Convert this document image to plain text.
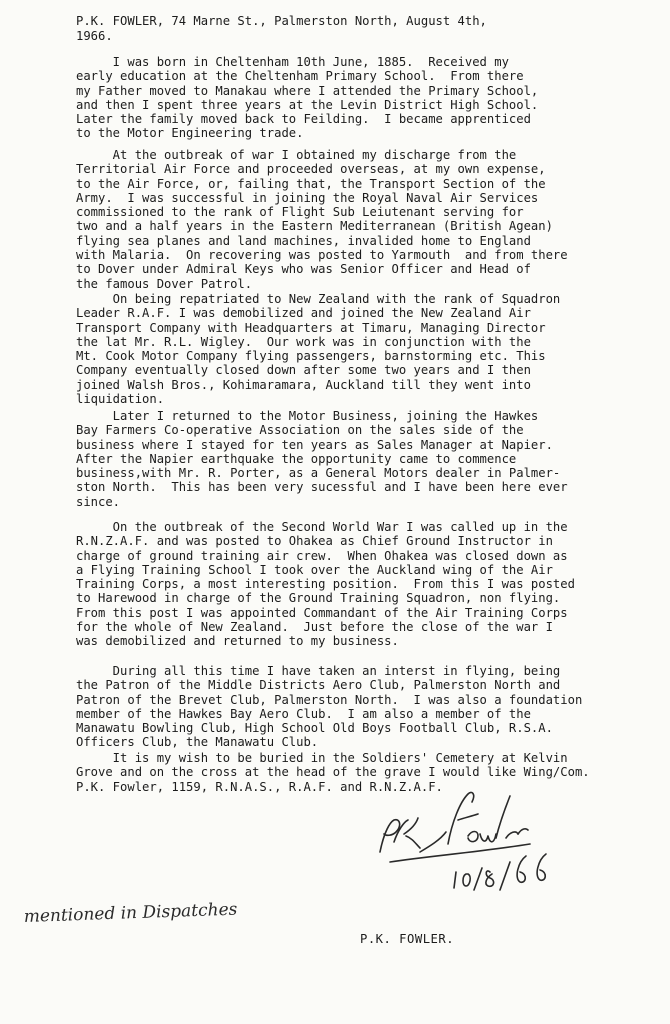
P.K. FOWLER, 74 Marne St., Palmerston North, August 4th,
1966.
I was born in Cheltenham 10th June, 1885.  Received my
early education at the Cheltenham Primary School.  From there
my Father moved to Manakau where I attended the Primary School,
and then I spent three years at the Levin District High School.
Later the family moved back to Feilding.  I became apprenticed
to the Motor Engineering trade.
At the outbreak of war I obtained my discharge from the
Territorial Air Force and proceeded overseas, at my own expense,
to the Air Force, or, failing that, the Transport Section of the
Army.  I was successful in joining the Royal Naval Air Services
commissioned to the rank of Flight Sub Leiutenant serving for
two and a half years in the Eastern Mediterranean (British Agean)
flying sea planes and land machines, invalided home to England
with Malaria.  On recovering was posted to Yarmouth  and from there
to Dover under Admiral Keys who was Senior Officer and Head of
the famous Dover Patrol.
On being repatriated to New Zealand with the rank of Squadron
Leader R.A.F. I was demobilized and joined the New Zealand Air
Transport Company with Headquarters at Timaru, Managing Director
the lat Mr. R.L. Wigley.  Our work was in conjunction with the
Mt. Cook Motor Company flying passengers, barnstorming etc. This
Company eventually closed down after some two years and I then
joined Walsh Bros., Kohimaramara, Auckland till they went into
liquidation.
Later I returned to the Motor Business, joining the Hawkes
Bay Farmers Co-operative Association on the sales side of the
business where I stayed for ten years as Sales Manager at Napier.
After the Napier earthquake the opportunity came to commence
business,with Mr. R. Porter, as a General Motors dealer in Palmer-
ston North.  This has been very sucessful and I have been here ever
since.
On the outbreak of the Second World War I was called up in the
R.N.Z.A.F. and was posted to Ohakea as Chief Ground Instructor in
charge of ground training air crew.  When Ohakea was closed down as
a Flying Training School I took over the Auckland wing of the Air
Training Corps, a most interesting position.  From this I was posted
to Harewood in charge of the Ground Training Squadron, non flying.
From this post I was appointed Commandant of the Air Training Corps
for the whole of New Zealand.  Just before the close of the war I
was demobilized and returned to my business.
During all this time I have taken an interst in flying, being
the Patron of the Middle Districts Aero Club, Palmerston North and
Patron of the Brevet Club, Palmerston North.  I was also a foundation
member of the Hawkes Bay Aero Club.  I am also a member of the
Manawatu Bowling Club, High School Old Boys Football Club, R.S.A.
Officers Club, the Manawatu Club.
It is my wish to be buried in the Soldiers' Cemetery at Kelvin
Grove and on the cross at the head of the grave I would like Wing/Com.
P.K. Fowler, 1159, R.N.A.S., R.A.F. and R.N.Z.A.F.
mentioned in Dispatches
P.K. FOWLER.
